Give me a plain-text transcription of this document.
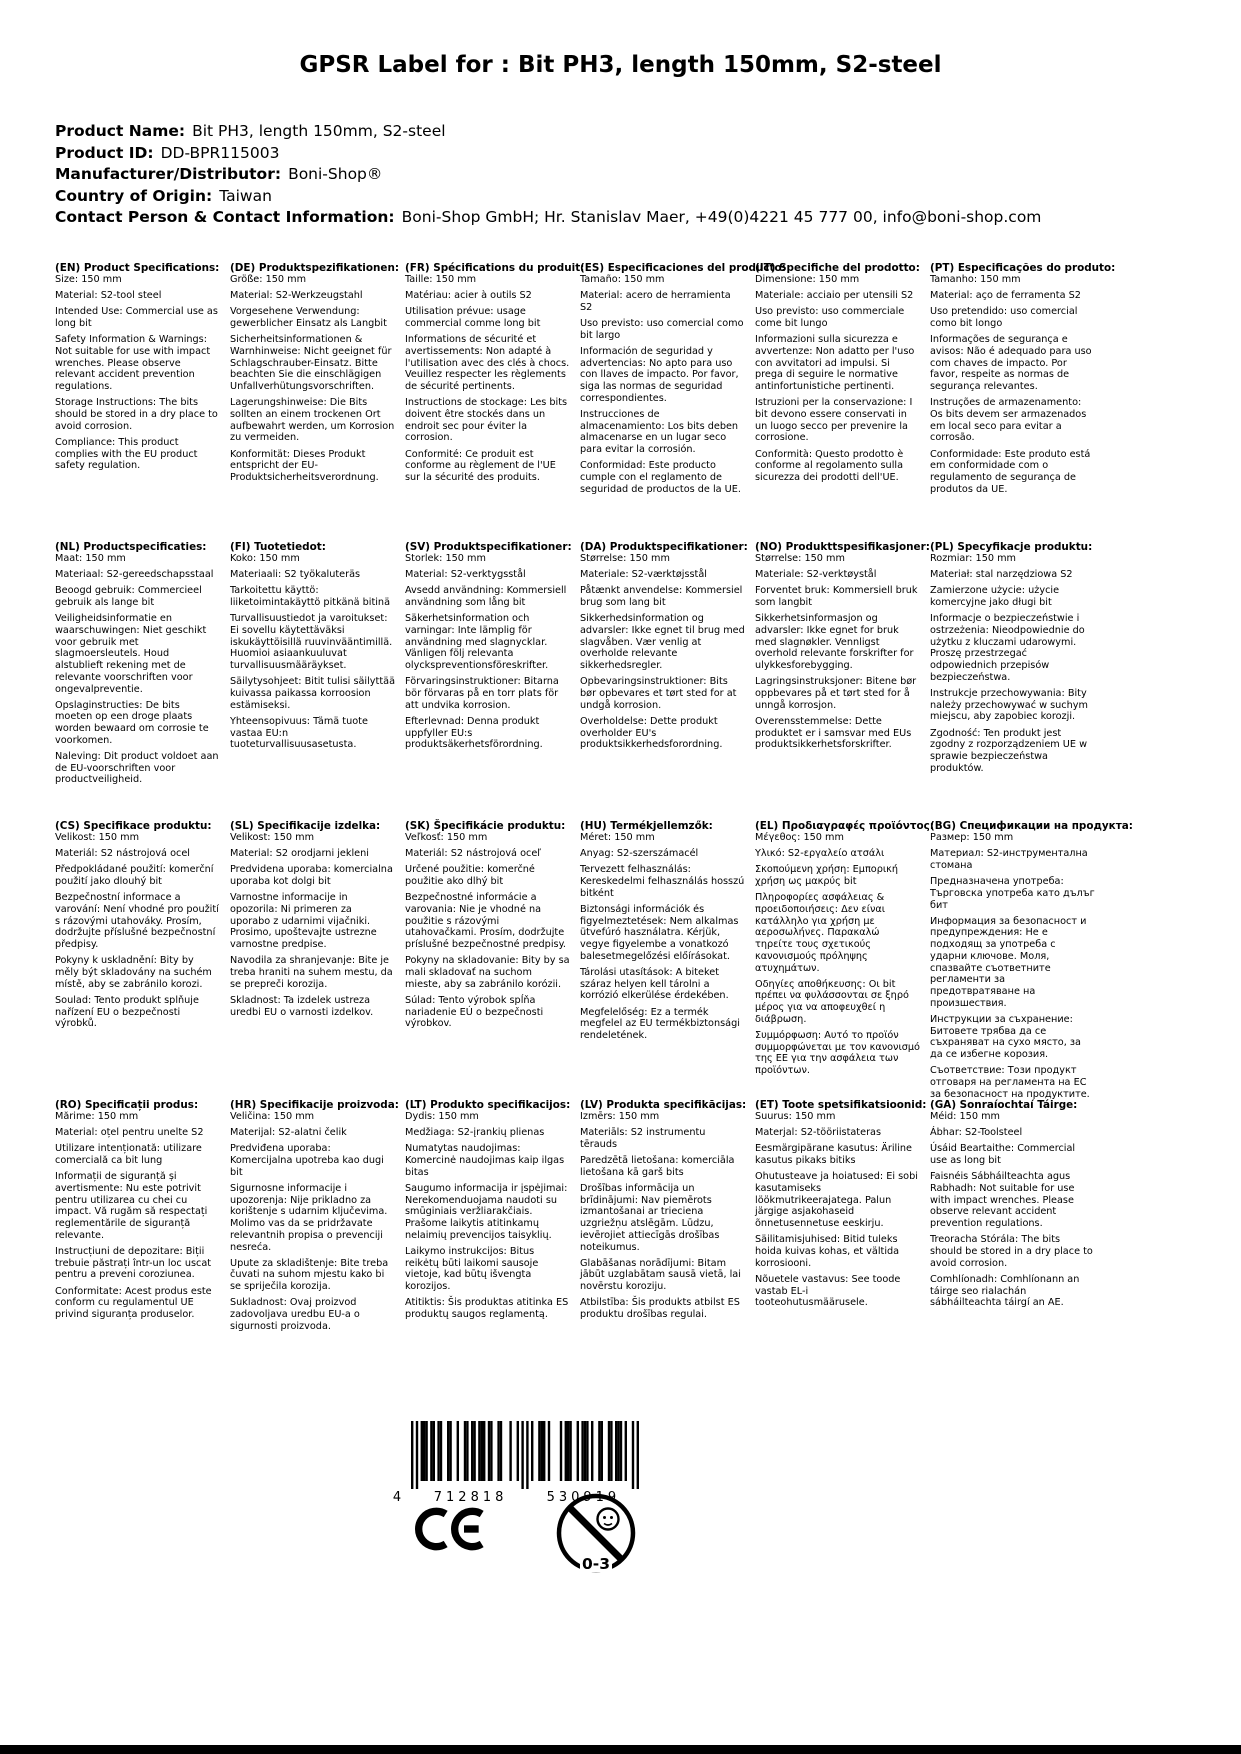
GPSR Label for : Bit PH3, length 150mm, S2-steel
Product Name: Bit PH3, length 150mm, S2-steel
Product ID: DD-BPR115003
Manufacturer/Distributor: Boni-Shop®
Country of Origin: Taiwan
Contact Person & Contact Information: Boni-Shop GmbH; Hr. Stanislav Maer, +49(0)4221 45 777 00, info@boni-shop.com
(EN) Product Specifications:

Size: 150 mm

Material: S2-tool steel

Intended Use: Commercial use as long bit

Safety Information & Warnings: Not suitable for use with impact wrenches. Please observe relevant accident prevention regulations.

Storage Instructions: The bits should be stored in a dry place to avoid corrosion.

Compliance: This product complies with the EU product safety regulation.

(DE) Produktspezifikationen:

Größe: 150 mm

Material: S2-Werkzeugstahl

Vorgesehene Verwendung: gewerblicher Einsatz als Langbit

Sicherheitsinformationen & Warnhinweise: Nicht geeignet für Schlagschrauber-Einsatz. Bitte beachten Sie die einschlägigen Unfallverhütungsvorschriften.

Lagerungshinweise: Die Bits sollten an einem trockenen Ort aufbewahrt werden, um Korrosion zu vermeiden.

Konformität: Dieses Produkt entspricht der EU-Produktsicherheitsverordnung.

(FR) Spécifications du produit:

Taille: 150 mm

Matériau: acier à outils S2

Utilisation prévue: usage commercial comme long bit

Informations de sécurité et avertissements: Non adapté à l'utilisation avec des clés à chocs. Veuillez respecter les règlements de sécurité pertinents.

Instructions de stockage: Les bits doivent être stockés dans un endroit sec pour éviter la corrosion.

Conformité: Ce produit est conforme au règlement de l'UE sur la sécurité des produits.

(ES) Especificaciones del producto:

Tamaño: 150 mm

Material: acero de herramienta S2

Uso previsto: uso comercial como bit largo

Información de seguridad y advertencias: No apto para uso con llaves de impacto. Por favor, siga las normas de seguridad correspondientes.

Instrucciones de almacenamiento: Los bits deben almacenarse en un lugar seco para evitar la corrosión.

Conformidad: Este producto cumple con el reglamento de seguridad de productos de la UE.

(IT) Specifiche del prodotto:

Dimensione: 150 mm

Materiale: acciaio per utensili S2

Uso previsto: uso commerciale come bit lungo

Informazioni sulla sicurezza e avvertenze: Non adatto per l'uso con avvitatori ad impulsi. Si prega di seguire le normative antinfortunistiche pertinenti.

Istruzioni per la conservazione: I bit devono essere conservati in un luogo secco per prevenire la corrosione.

Conformità: Questo prodotto è conforme al regolamento sulla sicurezza dei prodotti dell'UE.

(PT) Especificações do produto:

Tamanho: 150 mm

Material: aço de ferramenta S2

Uso pretendido: uso comercial como bit longo

Informações de segurança e avisos: Não é adequado para uso com chaves de impacto. Por favor, respeite as normas de segurança relevantes.

Instruções de armazenamento: Os bits devem ser armazenados em local seco para evitar a corrosão.

Conformidade: Este produto está em conformidade com o regulamento de segurança de produtos da UE.

(NL) Productspecificaties:

Maat: 150 mm

Materiaal: S2-gereedschapsstaal

Beoogd gebruik: Commercieel gebruik als lange bit

Veiligheidsinformatie en waarschuwingen: Niet geschikt voor gebruik met slagmoersleutels. Houd alstublieft rekening met de relevante voorschriften voor ongevalpreventie.

Opslaginstructies: De bits moeten op een droge plaats worden bewaard om corrosie te voorkomen.

Naleving: Dit product voldoet aan de EU-voorschriften voor productveiligheid.

(FI) Tuotetiedot:

Koko: 150 mm

Materiaali: S2 työkaluteräs

Tarkoitettu käyttö: liiketoimintakäyttö pitkänä bitinä

Turvallisuustiedot ja varoitukset: Ei sovellu käytettäväksi iskukäyttöisillä ruuvinvääntimillä. Huomioi asiaankuuluvat turvallisuusmääräykset.

Säilytysohjeet: Bitit tulisi säilyttää kuivassa paikassa korroosion estämiseksi.

Yhteensopivuus: Tämä tuote vastaa EU:n tuoteturvallisuusasetusta.

(SV) Produktspecifikationer:

Storlek: 150 mm

Material: S2-verktygsstål

Avsedd användning: Kommersiell användning som lång bit

Säkerhetsinformation och varningar: Inte lämplig för användning med slagnycklar. Vänligen följ relevanta olyckspreventionsföreskrifter.

Förvaringsinstruktioner: Bitarna bör förvaras på en torr plats för att undvika korrosion.

Efterlevnad: Denna produkt uppfyller EU:s produktsäkerhetsförordning.

(DA) Produktspecifikationer:

Størrelse: 150 mm

Materiale: S2-værktøjsstål

Påtænkt anvendelse: Kommersiel brug som lang bit

Sikkerhedsinformation og advarsler: Ikke egnet til brug med slagvåben. Vær venlig at overholde relevante sikkerhedsregler.

Opbevaringsinstruktioner: Bits bør opbevares et tørt sted for at undgå korrosion.

Overholdelse: Dette produkt overholder EU's produktsikkerhedsforordning.

(NO) Produkttspesifikasjoner:

Størrelse: 150 mm

Materiale: S2-verktøystål

Forventet bruk: Kommersiell bruk som langbit

Sikkerhetsinformasjon og advarsler: Ikke egnet for bruk med slagnøkler. Vennligst overhold relevante forskrifter for ulykkesforebygging.

Lagringsinstruksjoner: Bitene bør oppbevares på et tørt sted for å unngå korrosjon.

Overensstemmelse: Dette produktet er i samsvar med EUs produktsikkerhetsforskrifter.

(PL) Specyfikacje produktu:

Rozmiar: 150 mm

Materiał: stal narzędziowa S2

Zamierzone użycie: użycie komercyjne jako długi bit

Informacje o bezpieczeństwie i ostrzeżenia: Nieodpowiednie do użytku z kluczami udarowymi. Proszę przestrzegać odpowiednich przepisów bezpieczeństwa.

Instrukcje przechowywania: Bity należy przechowywać w suchym miejscu, aby zapobiec korozji.

Zgodność: Ten produkt jest zgodny z rozporządzeniem UE w sprawie bezpieczeństwa produktów.

(CS) Specifikace produktu:

Velikost: 150 mm

Materiál: S2 nástrojová ocel

Předpokládané použití: komerční použití jako dlouhý bit

Bezpečnostní informace a varování: Není vhodné pro použití s rázovými utahováky. Prosím, dodržujte příslušné bezpečnostní předpisy.

Pokyny k uskladnění: Bity by měly být skladovány na suchém místě, aby se zabránilo korozi.

Soulad: Tento produkt splňuje nařízení EU o bezpečnosti výrobků.

(SL) Specifikacije izdelka:

Velikost: 150 mm

Material: S2 orodjarni jekleni

Predvidena uporaba: komercialna uporaba kot dolgi bit

Varnostne informacije in opozorila: Ni primeren za uporabo z udarnimi vijačniki. Prosimo, upoštevajte ustrezne varnostne predpise.

Navodila za shranjevanje: Bite je treba hraniti na suhem mestu, da se prepreči korozija.

Skladnost: Ta izdelek ustreza uredbi EU o varnosti izdelkov.

(SK) Špecifikácie produktu:

Veľkosť: 150 mm

Materiál: S2 nástrojová oceľ

Určené použitie: komerčné použitie ako dlhý bit

Bezpečnostné informácie a varovania: Nie je vhodné na použitie s rázovými utahovačkami. Prosím, dodržujte príslušné bezpečnostné predpisy.

Pokyny na skladovanie: Bity by sa mali skladovať na suchom mieste, aby sa zabránilo korózii.

Súlad: Tento výrobok spĺňa nariadenie EÚ o bezpečnosti výrobkov.

(HU) Termékjellemzők:

Méret: 150 mm

Anyag: S2-szerszámacél

Tervezett felhasználás: Kereskedelmi felhasználás hosszú bitként

Biztonsági információk és figyelmeztetések: Nem alkalmas ütvefúró használatra. Kérjük, vegye figyelembe a vonatkozó balesetmegelőzési előírásokat.

Tárolási utasítások: A biteket száraz helyen kell tárolni a korrózió elkerülése érdekében.

Megfelelőség: Ez a termék megfelel az EU termékbiztonsági rendeletének.

(EL) Προδιαγραφές προϊόντος:

Μέγεθος: 150 mm

Υλικό: S2-εργαλείο ατσάλι

Σκοπούμενη χρήση: Εμπορική χρήση ως μακρύς bit

Πληροφορίες ασφάλειας & προειδοποιήσεις: Δεν είναι κατάλληλο για χρήση με αεροσωλήνες. Παρακαλώ τηρείτε τους σχετικούς κανονισμούς πρόληψης ατυχημάτων.

Οδηγίες αποθήκευσης: Οι bit πρέπει να φυλάσσονται σε ξηρό μέρος για να αποφευχθεί η διάβρωση.

Συμμόρφωση: Αυτό το προϊόν συμμορφώνεται με τον κανονισμό της ΕΕ για την ασφάλεια των προϊόντων.

(BG) Спецификации на продукта:

Размер: 150 mm

Материал: S2-инструментална стомана

Предназначена употреба: Търговска употреба като дълъг бит

Информация за безопасност и предупреждения: Не е подходящ за употреба с ударни ключове. Моля, спазвайте съответните регламенти за предотвратяване на произшествия.

Инструкции за съхранение: Битовете трябва да се съхраняват на сухо място, за да се избегне корозия.

Съответствие: Този продукт отговаря на регламента на ЕС за безопасност на продуктите.

(RO) Specificații produs:

Mărime: 150 mm

Material: oțel pentru unelte S2

Utilizare intenționată: utilizare comercială ca bit lung

Informații de siguranță și avertismente: Nu este potrivit pentru utilizarea cu chei cu impact. Vă rugăm să respectați reglementările de siguranță relevante.

Instrucțiuni de depozitare: Biții trebuie păstrați într-un loc uscat pentru a preveni coroziunea.

Conformitate: Acest produs este conform cu regulamentul UE privind siguranța produselor.

(HR) Specifikacije proizvoda:

Veličina: 150 mm

Materijal: S2-alatni čelik

Predviđena uporaba: Komercijalna upotreba kao dugi bit

Sigurnosne informacije i upozorenja: Nije prikladno za korištenje s udarnim ključevima. Molimo vas da se pridržavate relevantnih propisa o prevenciji nesreća.

Upute za skladištenje: Bite treba čuvati na suhom mjestu kako bi se spriječila korozija.

Sukladnost: Ovaj proizvod zadovoljava uredbu EU-a o sigurnosti proizvoda.

(LT) Produkto specifikacijos:

Dydis: 150 mm

Medžiaga: S2-įrankių plienas

Numatytas naudojimas: Komercinė naudojimas kaip ilgas bitas

Saugumo informacija ir įspėjimai: Nerekomenduojama naudoti su smūginiais veržliarakčiais. Prašome laikytis atitinkamų nelaimių prevencijos taisyklių.

Laikymo instrukcijos: Bitus reikėtų būti laikomi sausoje vietoje, kad būtų išvengta korozijos.

Atitiktis: Šis produktas atitinka ES produktų saugos reglamentą.

(LV) Produkta specifikācijas:

Izmērs: 150 mm

Materiāls: S2 instrumentu tērauds

Paredzētā lietošana: komerciāla lietošana kā garš bits

Drošības informācija un brīdinājumi: Nav piemērots izmantošanai ar trieciena uzgriežņu atslēgām. Lūdzu, ievērojiet attiecīgās drošības noteikumus.

Glabāšanas norādījumi: Bitam jābūt uzglabātam sausā vietā, lai novērstu koroziju.

Atbilstība: Šis produkts atbilst ES produktu drošības regulai.

(ET) Toote spetsifikatsioonid:

Suurus: 150 mm

Materjal: S2-tööriistateras

Eesmärgipärane kasutus: Äriline kasutus pikaks bitiks

Ohutusteave ja hoiatused: Ei sobi kasutamiseks löökmutrikeerajatega. Palun järgige asjakohaseid õnnetusennetuse eeskirju.

Säilitamisjuhised: Bitid tuleks hoida kuivas kohas, et vältida korrosiooni.

Nõuetele vastavus: See toode vastab EL-i tooteohutusmäärusele.

(GA) Sonraíochtaí Táirge:

Méid: 150 mm

Ábhar: S2-Toolsteel

Úsáid Beartaithe: Commercial use as long bit

Faisnéis Sábháilteachta agus Rabhadh: Not suitable for use with impact wrenches. Please observe relevant accident prevention regulations.

Treoracha Stórála: The bits should be stored in a dry place to avoid corrosion.

Comhlíonadh: Comhlíonann an táirge seo rialachán sábháilteachta táirgí an AE.

4 712818	530919
0-3
